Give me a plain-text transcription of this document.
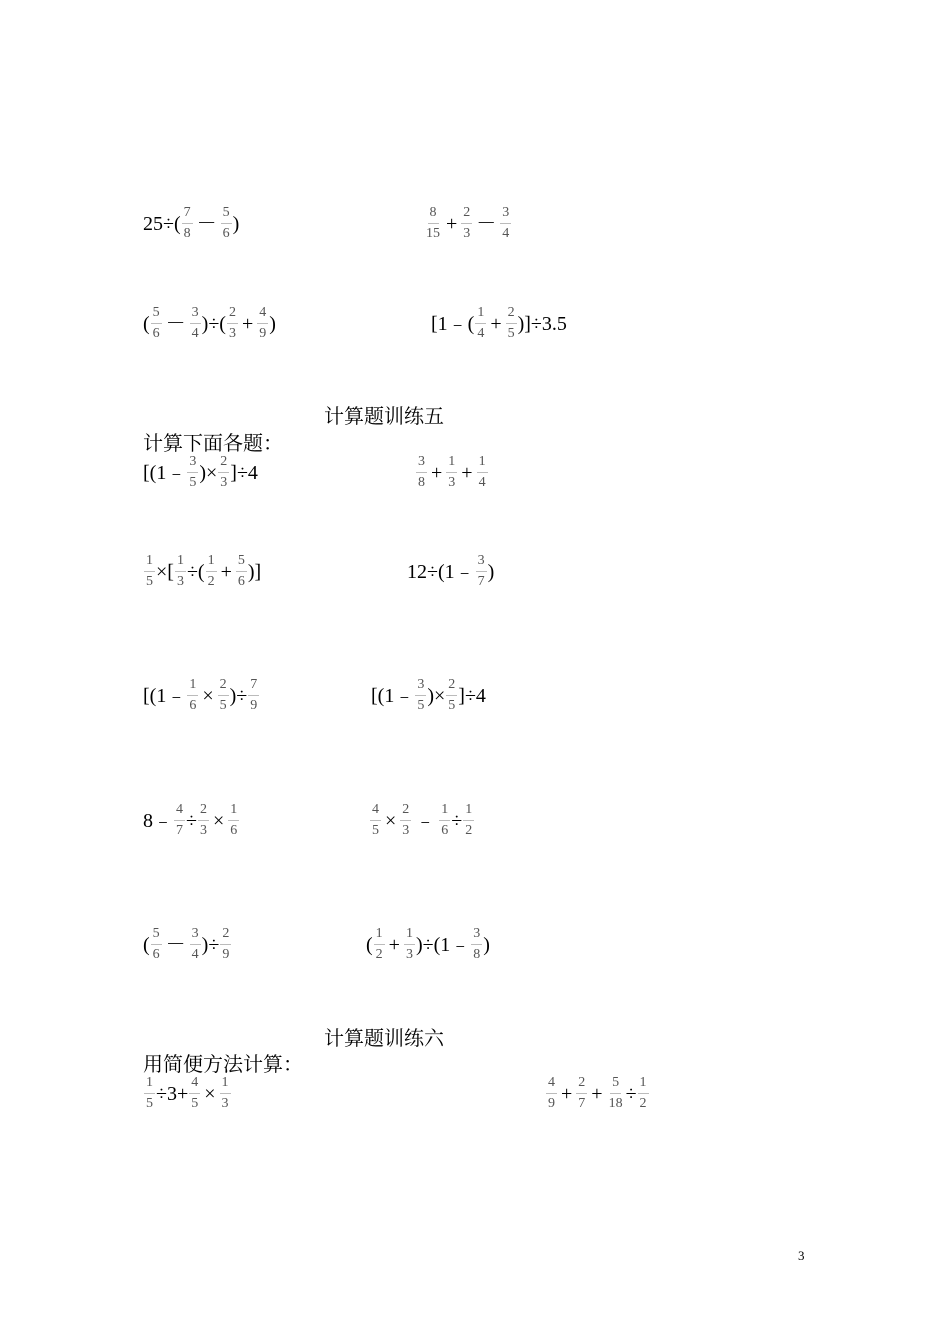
$25\div( \frac{7}{8} - \frac{5}{6}$ )	$\frac{8}{15} + \frac{2}{3} - \frac{3}{4}$
( $\frac{5}{6} - \frac{3}{4}$ )÷( $\frac{2}{3} + \frac{4}{9}$ )	[1﹣( $\frac{1}{4} + \frac{2}{5} )]\div 3.5$
计算题训练五
计算下面各题：
[(1﹣ $\frac{3}{5}$ )× $\frac{2}{3} ]\div 4$	$\frac{3}{8} + \frac{1}{3} + \frac{1}{4}$
$\frac{1}{5}$ ×[ $\frac{1}{3}$ ÷( $\frac{1}{2} + \frac{5}{6}$ )]	12÷(1﹣ $\frac{3}{7}$ )
[(1﹣ $\frac{1}{6} \times \frac{2}{5}$ )÷ $\frac{7}{9}$	[(1﹣ $\frac{3}{5}$ )× $\frac{2}{5} ]\div 4$
8﹣ $\frac{4}{7} \div \frac{2}{3} \times \frac{1}{6}$	$\frac{4}{5} \times \frac{2}{3}$ ﹣ $\frac{1}{6} \div \frac{1}{2}$
( $\frac{5}{6} - \frac{3}{4}$ )÷ $\frac{2}{9}$	( $\frac{1}{2} + \frac{1}{3}$ )÷(1﹣ $\frac{3}{8}$ )
计算题训练六
用简便方法计算：
$\frac{1}{5} \div 3+ \frac{4}{5} \times \frac{1}{3}$	$\frac{4}{9} + \frac{2}{7} + \frac{5}{18} \div \frac{1}{2}$
3
